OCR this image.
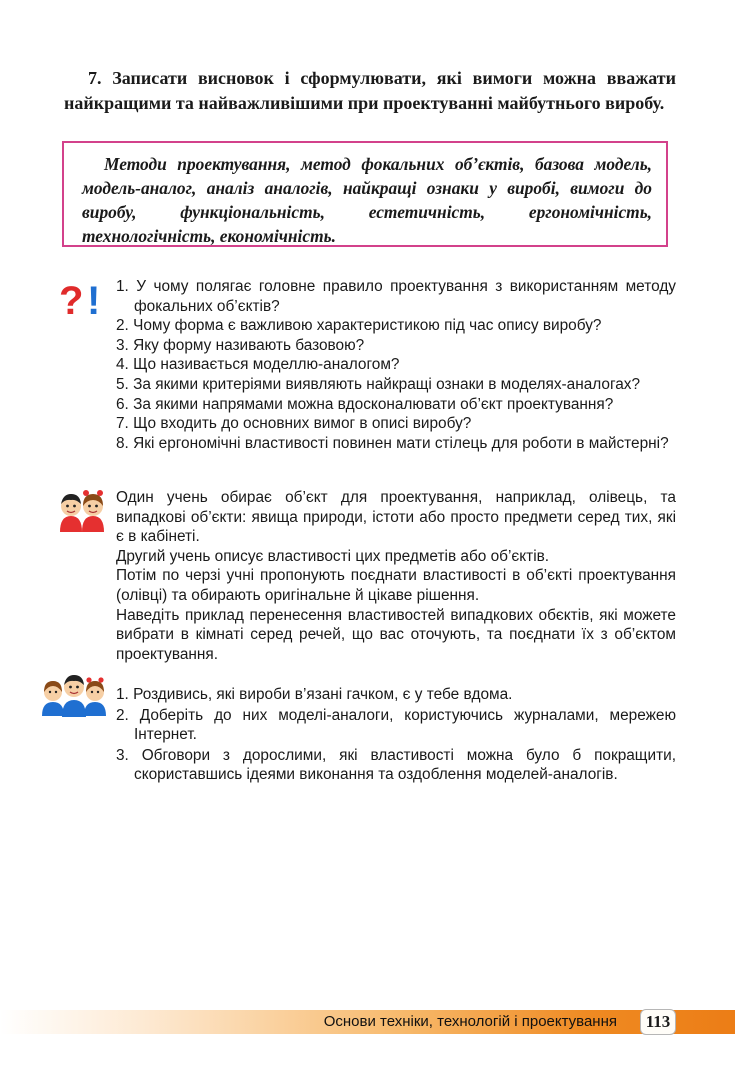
7. Записати висновок і сформулювати, які вимоги можна вважати найкращими та найважливішими при проектуванні майбутнього виробу.

Методи проектування, метод фокальних об’єктів, базова модель, модель-аналог, аналіз аналогів, найкращі ознаки у виробі, вимоги до виробу, функціональність, естетичність, ергономічність, технологічність, економічність.

? ! 1. У чому полягає головне правило проектування з використанням методу фокальних об’єктів?
2. Чому форма є важливою характеристикою під час опису виробу?
3. Яку форму називають базовою?
4. Що називається моделлю-аналогом?
5. За якими критеріями виявляють найкращі ознаки в моделях-аналогах?
6. За якими напрямами можна вдосконалювати об’єкт проектування?
7. Що входить до основних вимог в описі виробу?
8. Які ергономічні властивості повинен мати стілець для роботи в майстерні?

Один учень обирає об’єкт для проектування, наприклад, олівець, та випадкові об’єкти: явища природи, істоти або просто предмети серед тих, які є в кабінеті.

Другий учень описує властивості цих предметів або об’єктів.

Потім по черзі учні пропонують поєднати властивості в об’єкті проектування (олівці) та обирають оригінальне й цікаве рішення.

Наведіть приклад перенесення властивостей випадкових обєктів, які можете вибрати в кімнаті серед речей, що вас оточують, та поєднати їх з об’єктом проектування.

1. Роздивись, які вироби в’язані гачком, є у тебе вдома.
2. Доберіть до них моделі-аналоги, користуючись журналами, мережею Інтернет.
3. Обговори з дорослими, які властивості можна було б покращити, скориставшись ідеями виконання та оздоблення моделей-аналогів.
Основи техніки, технологій і проектування	113
